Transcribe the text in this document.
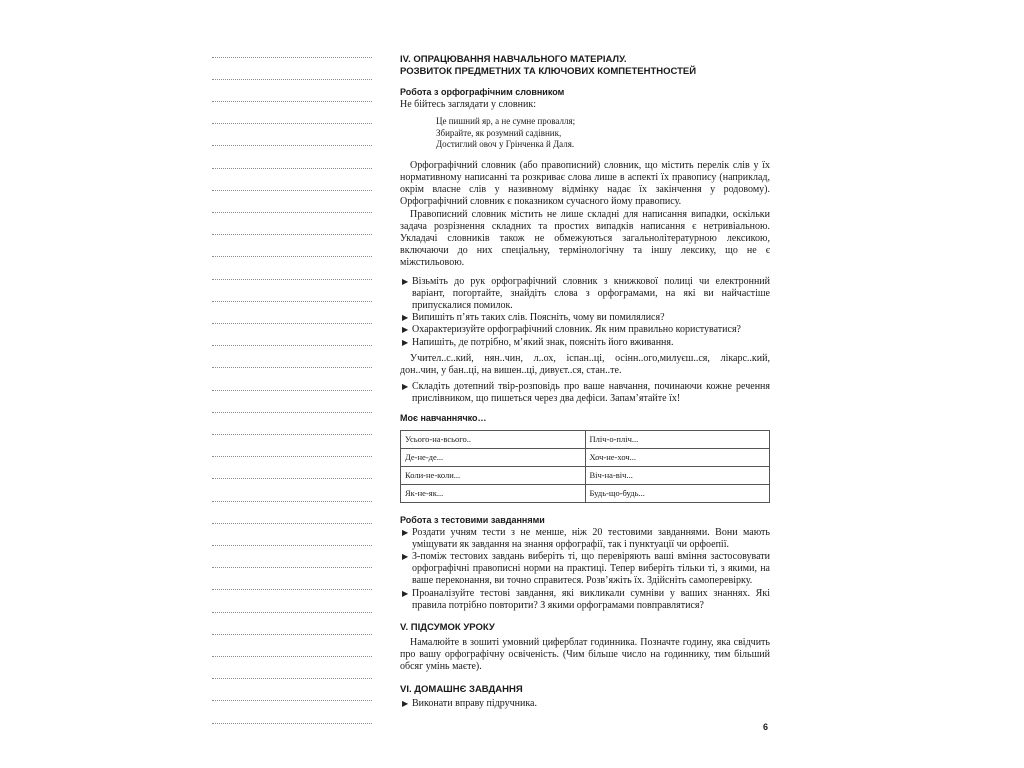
IV. ОПРАЦЮВАННЯ НАВЧАЛЬНОГО МАТЕРІАЛУ.
РОЗВИТОК ПРЕДМЕТНИХ ТА КЛЮЧОВИХ КОМПЕТЕНТНОСТЕЙ
Робота з орфографічним словником
Не бійтесь заглядати у словник:
Це пишний яр, а не сумне провалля;
Збирайте, як розумний садівник,
Достиглий овоч у Грінченка й Даля.
Орфографічний словник (або правописний) словник, що містить перелік слів у їх нормативному написанні та розкриває слова лише в аспекті їх правопису (наприклад, окрім власне слів у називному відмінку надає їх закінчення у родовому). Орфографічний словник є показником сучасного йому правопису.
Правописний словник містить не лише складні для написання випадки, оскільки задача розрізнення складних та простих випадків написання є нетривіальною. Укладачі словників також не обмежуються загальнолітературною лексикою, включаючи до них спеціальну, термінологічну та іншу лексику, що не є міжстильовою.
▶ Візьміть до рук орфографічний словник з книжкової полиці чи електронний варіант, погортайте, знайдіть слова з орфограмами, на які ви найчастіше припускалися помилок.
▶ Випишіть п’ять таких слів. Поясніть, чому ви помилялися?
▶ Охарактеризуйте орфографічний словник. Як ним правильно користуватися?
▶ Напишіть, де потрібно, м’який знак, поясніть його вживання.
Учител..с..кий, нян..чин, л..ох, іспан..ці, осінн..ого,милуєш..ся, лікарс..кий, дон..чин, у бан..ці, на вишен..ці, дивуєт..ся, стан..те.
▶ Складіть дотепний твір-розповідь про ваше навчання, починаючи кожне речення прислівником, що пишеться через два дефіси. Запам’ятайте їх!
Моє навчаннячко…
Усього-на-всього..	Пліч-о-пліч...
Де-не-де...	Хоч-не-хоч...
Коли-не-коли...	Віч-на-віч...
Як-не-як...	Будь-що-будь...
Робота з тестовими завданнями
▶ Роздати учням тести з не менше, ніж 20 тестовими завданнями. Вони мають уміщувати як завдання на знання орфографії, так і пунктуації чи орфоепії.
▶ З-поміж тестових завдань виберіть ті, що перевіряють ваші вміння застосовувати орфографічні правописні норми на практиці. Тепер виберіть тільки ті, з якими, на ваше переконання, ви точно справитеся. Розв’яжіть їх. Здійсніть самоперевірку.
▶ Проаналізуйте тестові завдання, які викликали сумніви у ваших знаннях. Які правила потрібно повторити? З якими орфограмами повправлятися?
V. ПІДСУМОК УРОКУ
Намалюйте в зошиті умовний циферблат годинника. Позначте годину, яка свідчить про вашу орфографічну освіченість. (Чим більше число на годиннику, тим більший обсяг умінь маєте).
VI. ДОМАШНЄ ЗАВДАННЯ
▶ Виконати вправу підручника.
6
